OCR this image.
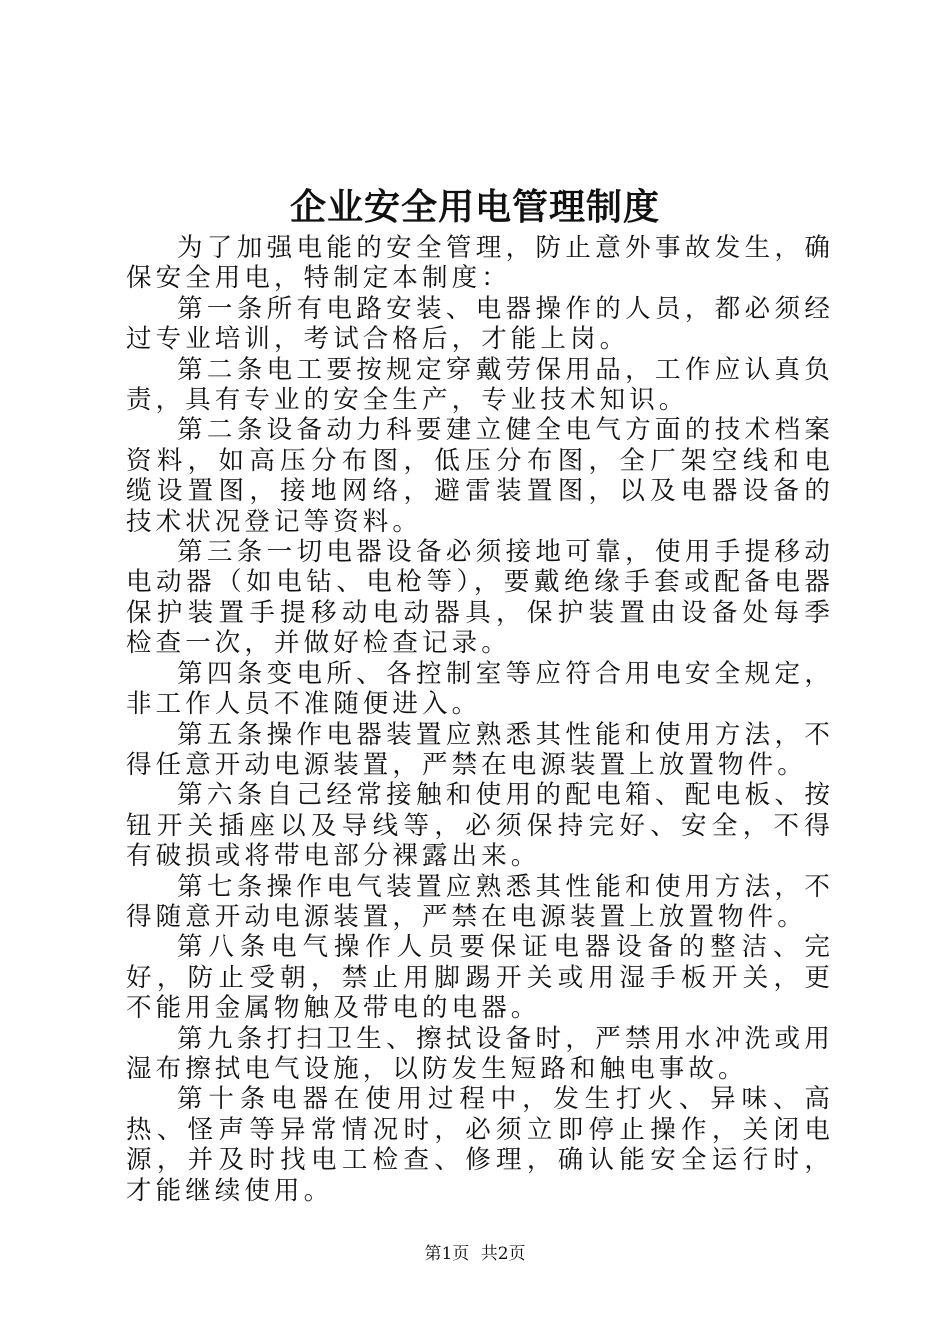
企业安全用电管理制度

为了加强电能的安全管理，防止意外事故发生，确保安全用电，特制定本制度：

第一条所有电路安装、电器操作的人员，都必须经过专业培训，考试合格后，才能上岗。

第二条电工要按规定穿戴劳保用品，工作应认真负责，具有专业的安全生产，专业技术知识。

第二条设备动力科要建立健全电气方面的技术档案资料，如高压分布图，低压分布图，全厂架空线和电缆设置图，接地网络，避雷装置图，以及电器设备的技术状况登记等资料。

第三条一切电器设备必须接地可靠，使用手提移动电动器（如电钻、电枪等），要戴绝缘手套或配备电器保护装置手提移动电动器具，保护装置由设备处每季检查一次，并做好检查记录。

第四条变电所、各控制室等应符合用电安全规定，非工作人员不准随便进入。

第五条操作电器装置应熟悉其性能和使用方法，不得任意开动电源装置，严禁在电源装置上放置物件。

第六条自己经常接触和使用的配电箱、配电板、按钮开关插座以及导线等，必须保持完好、安全，不得有破损或将带电部分裸露出来。

第七条操作电气装置应熟悉其性能和使用方法，不得随意开动电源装置，严禁在电源装置上放置物件。

第八条电气操作人员要保证电器设备的整洁、完好，防止受朝，禁止用脚踢开关或用湿手板开关，更不能用金属物触及带电的电器。

第九条打扫卫生、擦拭设备时，严禁用水冲洗或用湿布擦拭电气设施，以防发生短路和触电事故。

第十条电器在使用过程中，发生打火、异味、高热、怪声等异常情况时，必须立即停止操作，关闭电源，并及时找电工检查、修理，确认能安全运行时，才能继续使用。

第1页 共2页
